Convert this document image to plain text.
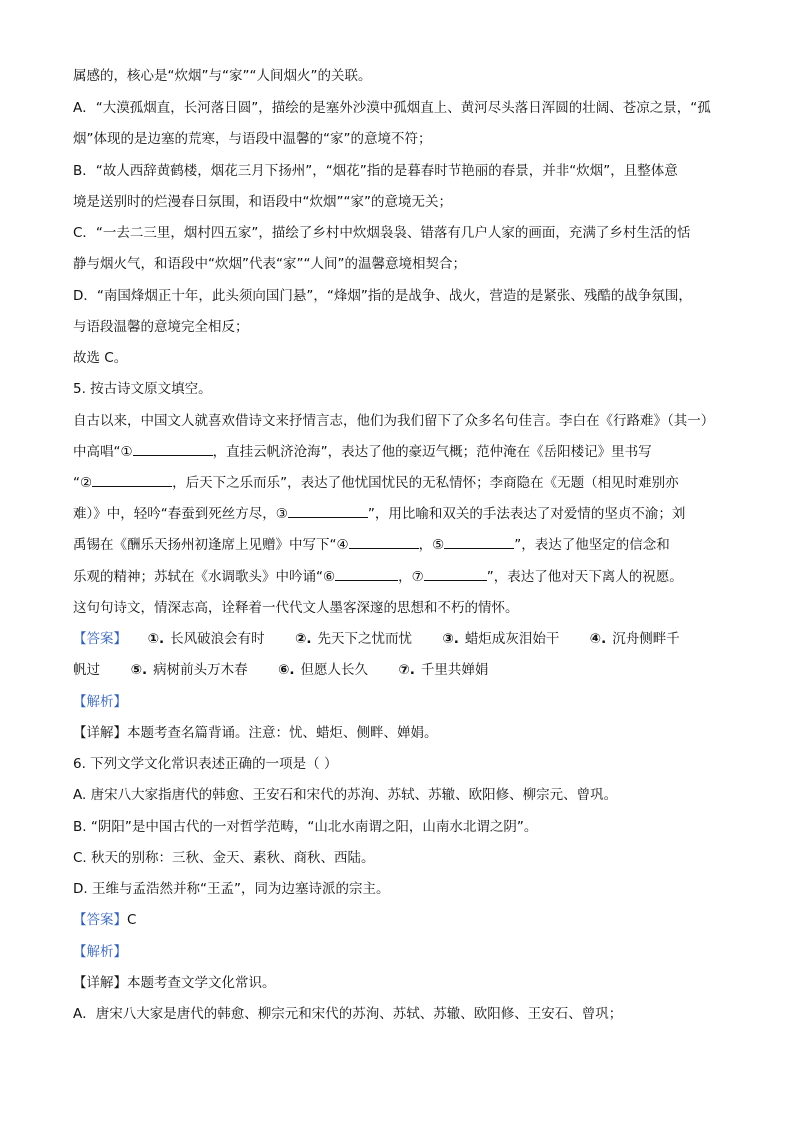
属感的，核心是“炊烟”与“家”“人间烟火”的关联。
A．“大漠孤烟直，长河落日圆”，描绘的是塞外沙漠中孤烟直上、黄河尽头落日浑圆的壮阔、苍凉之景，“孤
烟”体现的是边塞的荒寒，与语段中温馨的“家”的意境不符；
B．“故人西辞黄鹤楼，烟花三月下扬州”，“烟花”指的是暮春时节艳丽的春景，并非“炊烟”，且整体意
境是送别时的烂漫春日氛围，和语段中“炊烟”“家”的意境无关；
C．“一去二三里，烟村四五家”，描绘了乡村中炊烟袅袅、错落有几户人家的画面，充满了乡村生活的恬
静与烟火气，和语段中“炊烟”代表“家”“人间”的温馨意境相契合；
D．“南国烽烟正十年，此头须向国门悬”，“烽烟”指的是战争、战火，营造的是紧张、残酷的战争氛围，
与语段温馨的意境完全相反；
故选 C。
5. 按古诗文原文填空。
自古以来，中国文人就喜欢借诗文来抒情言志，他们为我们留下了众多名句佳言。李白在《行路难》（其一）
中高唱“①	，直挂云帆济沧海”，表达了他的豪迈气概；范仲淹在《岳阳楼记》里书写
“②	，后天下之乐而乐”，表达了他忧国忧民的无私情怀；李商隐在《无题（相见时难别亦
难）》中，轻吟“春蚕到死丝方尽，③	”，用比喻和双关的手法表达了对爱情的坚贞不渝；刘
禹锡在《酬乐天扬州初逢席上见赠》中写下“④	，⑤	”，表达了他坚定的信念和
乐观的精神；苏轼在《水调歌头》中吟诵“⑥	，⑦	”，表达了他对天下离人的祝愿。
这句句诗文，情深志高，诠释着一代代文人墨客深邃的思想和不朽的情怀。
【答案】 ①. 长风破浪会有时 ②. 先天下之忧而忧 ③. 蜡炬成灰泪始干 ④. 沉舟侧畔千
帆过 ⑤. 病树前头万木春 ⑥. 但愿人长久 ⑦. 千里共婵娟
【解析】
【详解】本题考查名篇背诵。注意：忧、蜡炬、侧畔、婵娟。
6. 下列文学文化常识表述正确的一项是（ ）
A. 唐宋八大家指唐代的韩愈、王安石和宋代的苏洵、苏轼、苏辙、欧阳修、柳宗元、曾巩。
B. “阴阳”是中国古代的一对哲学范畴，“山北水南谓之阳，山南水北谓之阴”。
C. 秋天的别称：三秋、金天、素秋、商秋、西陆。
D. 王维与孟浩然并称“王孟”，同为边塞诗派的宗主。
【答案】C
【解析】
【详解】本题考查文学文化常识。
A．唐宋八大家是唐代的韩愈、柳宗元和宋代的苏洵、苏轼、苏辙、欧阳修、王安石、曾巩；
